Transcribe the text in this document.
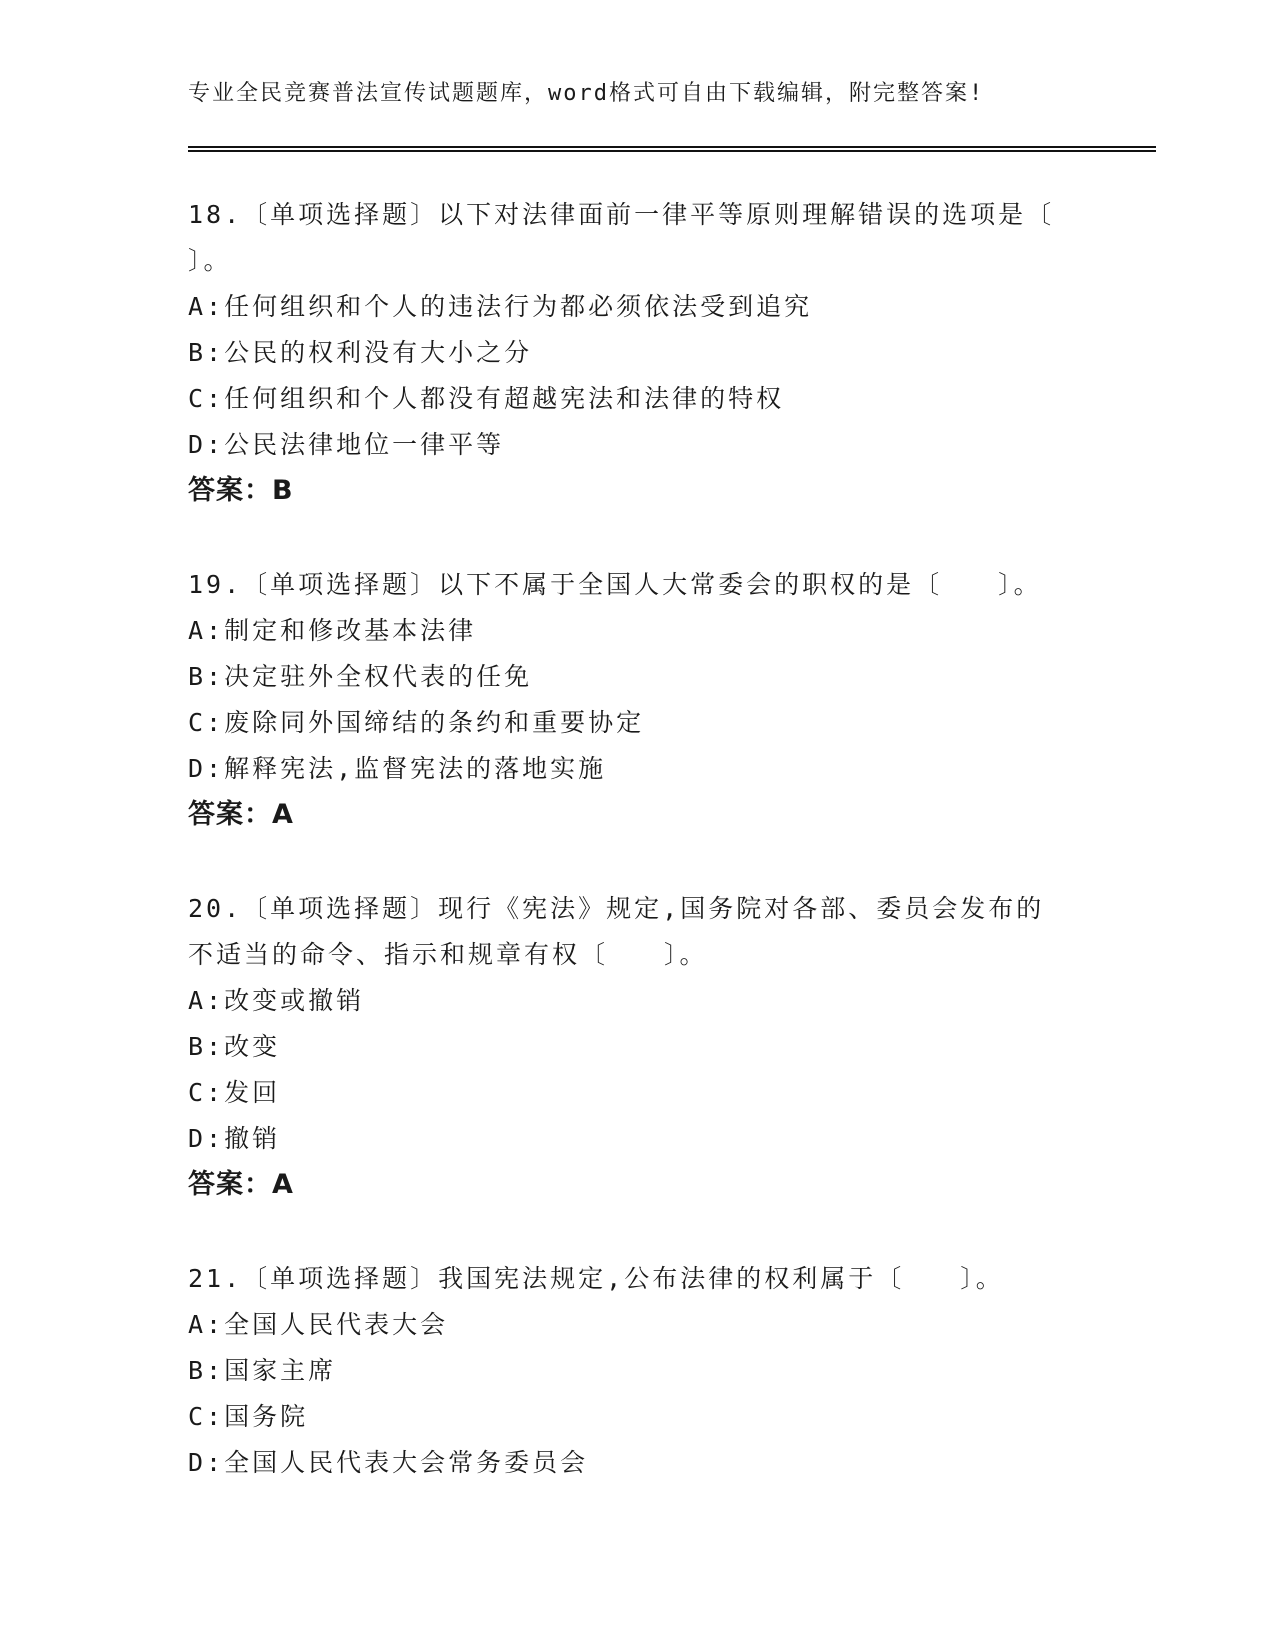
专业全民竞赛普法宣传试题题库，word格式可自由下载编辑，附完整答案!
18.〔单项选择题〕以下对法律面前一律平等原则理解错误的选项是〔
〕。
A:任何组织和个人的违法行为都必须依法受到追究
B:公民的权利没有大小之分
C:任何组织和个人都没有超越宪法和法律的特权
D:公民法律地位一律平等
答案：B
19.〔单项选择题〕以下不属于全国人大常委会的职权的是〔　　〕。
A:制定和修改基本法律
B:决定驻外全权代表的任免
C:废除同外国缔结的条约和重要协定
D:解释宪法,监督宪法的落地实施
答案：A
20.〔单项选择题〕现行《宪法》规定,国务院对各部、委员会发布的
不适当的命令、指示和规章有权〔　　〕。
A:改变或撤销
B:改变
C:发回
D:撤销
答案：A
21.〔单项选择题〕我国宪法规定,公布法律的权利属于〔　　〕。
A:全国人民代表大会
B:国家主席
C:国务院
D:全国人民代表大会常务委员会
